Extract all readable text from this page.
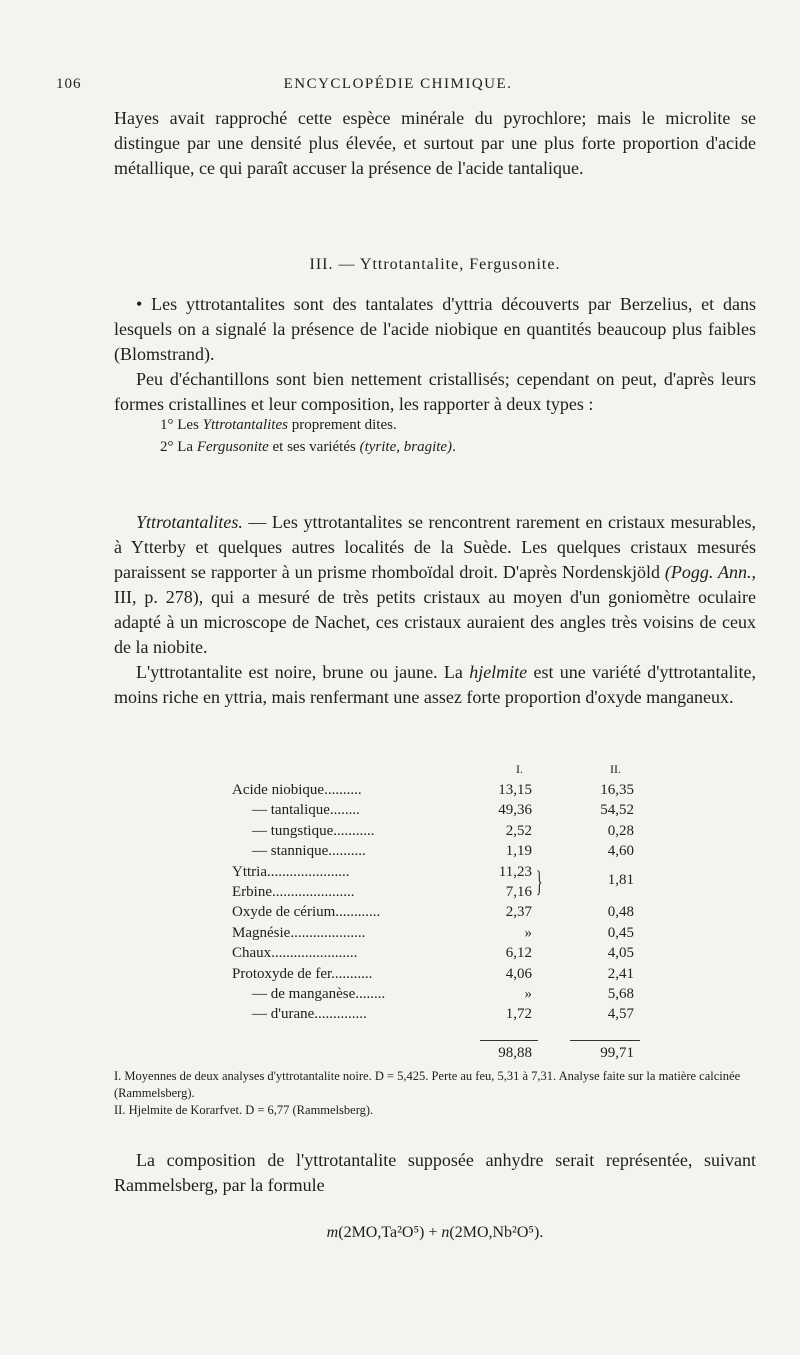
106	ENCYCLOPÉDIE CHIMIQUE.

Hayes avait rapproché cette espèce minérale du pyrochlore; mais le microlite se distingue par une densité plus élevée, et surtout par une plus forte proportion d'acide métallique, ce qui paraît accuser la présence de l'acide tantalique.

III. — Yttrotantalite, Fergusonite.

• Les yttrotantalites sont des tantalates d'yttria découverts par Berzelius, et dans lesquels on a signalé la présence de l'acide niobique en quantités beaucoup plus faibles (Blomstrand).

Peu d'échantillons sont bien nettement cristallisés; cependant on peut, d'après leurs formes cristallines et leur composition, les rapporter à deux types :

1° Les Yttrotantalites proprement dites.
2° La Fergusonite et ses variétés (tyrite, bragite).

Yttrotantalites. — Les yttrotantalites se rencontrent rarement en cristaux mesurables, à Ytterby et quelques autres localités de la Suède. Les quelques cristaux mesurés paraissent se rapporter à un prisme rhomboïdal droit. D'après Nordenskjöld (Pogg. Ann., III, p. 278), qui a mesuré de très petits cristaux au moyen d'un goniomètre oculaire adapté à un microscope de Nachet, ces cristaux auraient des angles très voisins de ceux de la niobite.

L'yttrotantalite est noire, brune ou jaune. La hjelmite est une variété d'yttrotantalite, moins riche en yttria, mais renfermant une assez forte proportion d'oxyde manganeux.

I.	II.
Acide niobique..........	13,15	16,35
— tantalique........	49,36	54,52
— tungstique...........	2,52	0,28
— stannique..........	1,19	4,60
Yttria......................	11,23
Erbine......................	7,16 }	1,81
Oxyde de cérium............	2,37	0,48
Magnésie....................	»	0,45
Chaux.......................	6,12	4,05
Protoxyde de fer...........	4,06	2,41
— de manganèse........	»	5,68
— d'urane..............	1,72	4,57
98,88	99,71

I. Moyennes de deux analyses d'yttrotantalite noire. D = 5,425. Perte au feu, 5,31 à 7,31. Analyse faite sur la matière calcinée (Rammelsberg).

II. Hjelmite de Korarfvet. D = 6,77 (Rammelsberg).

La composition de l'yttrotantalite supposée anhydre serait représentée, suivant Rammelsberg, par la formule

m(2MO,Ta²O⁵) + n(2MO,Nb²O⁵).
